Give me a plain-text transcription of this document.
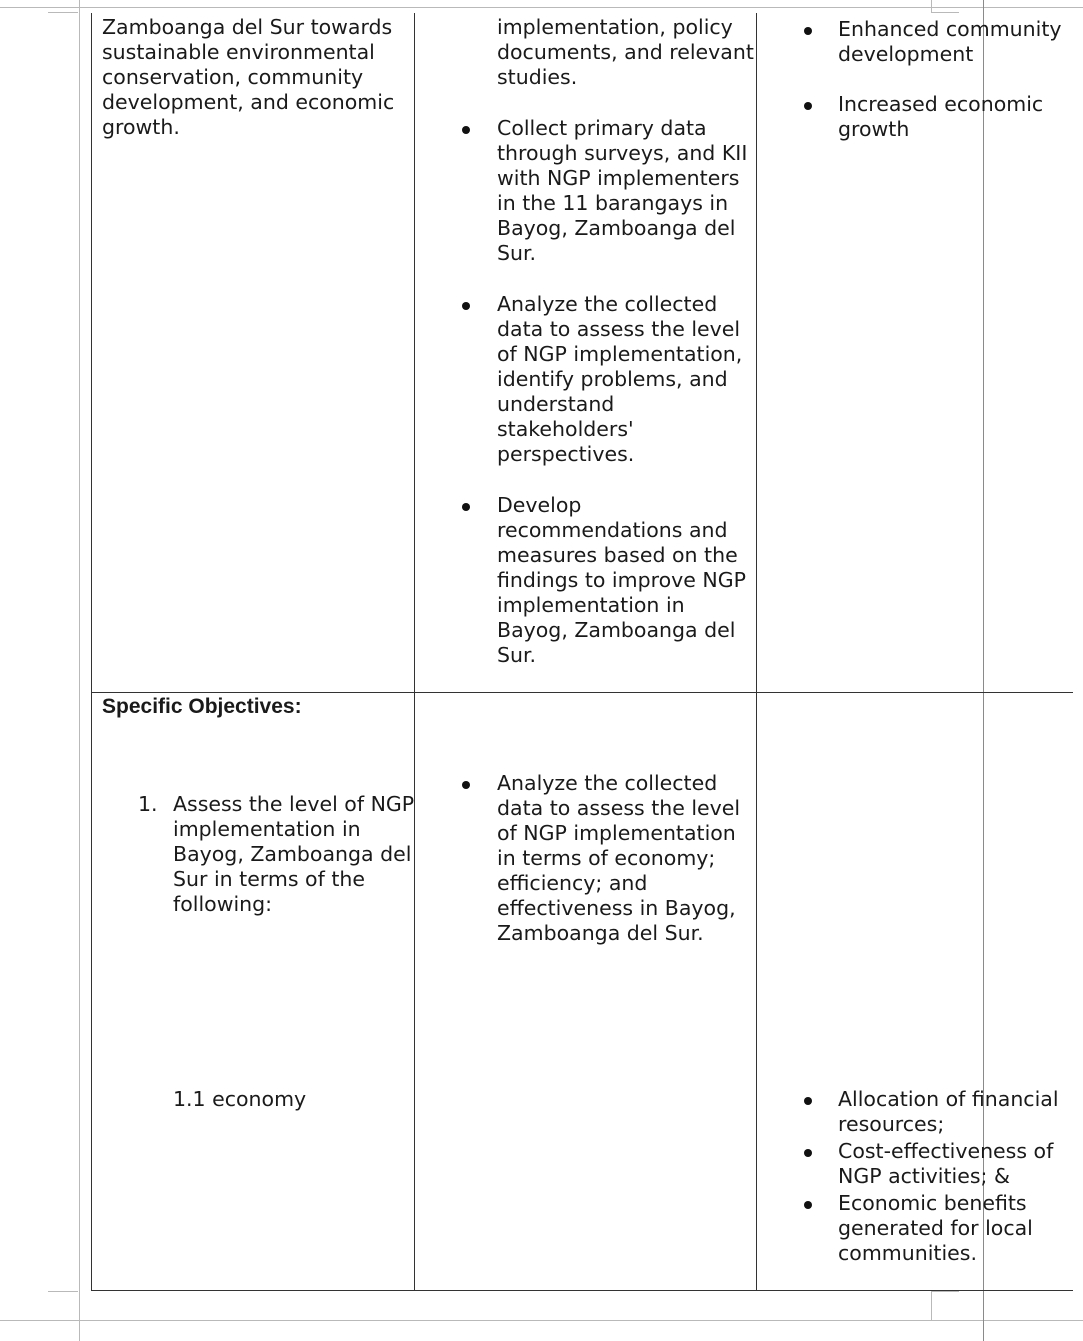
Zamboanga del Sur towards
sustainable environmental
conservation, community
development, and economic
growth.
implementation, policy
documents, and relevant
studies.
Collect primary data
through surveys, and KII
with NGP implementers
in the 11 barangays in
Bayog, Zamboanga del
Sur.
Analyze the collected
data to assess the level
of NGP implementation,
identify problems, and
understand
stakeholders'
perspectives.
Develop
recommendations and
measures based on the
findings to improve NGP
implementation in
Bayog, Zamboanga del
Sur.
Enhanced community
development
Increased economic
growth
Specific Objectives:
1. Assess the level of NGP
implementation in
Bayog, Zamboanga del
Sur in terms of the
following:
1.1 economy
Analyze the collected
data to assess the level
of NGP implementation
in terms of economy;
efficiency; and
effectiveness in Bayog,
Zamboanga del Sur.
Allocation of financial
resources;
Cost-effectiveness of
NGP activities; &
Economic benefits
generated for local
communities.
